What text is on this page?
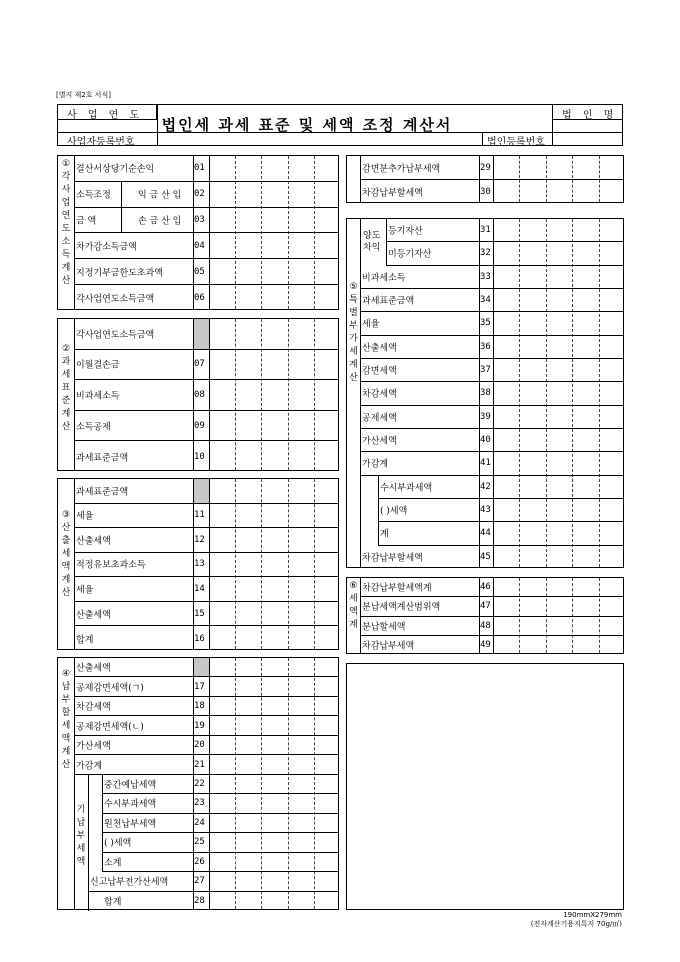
[별지 제2호 서식]
사 업 연 도
법인세 과세 표준 및 세액 조정 계산서
법 인 명
사업자등록번호	법인등록번호
190mmX279mm
(전자계산기용지특지 70g/㎡)
①각사업연도소득계산
결산서상당기순손익	01
소득조정	익 금 산 입 02
금 액	손 금 산 입 03
차가감소득금액	04
지정기부금한도초과액	05
각사업연도소득금액	06
②과세표준계산
각사업연도소득금액
이월결손금	07
비과세소득	08
소득공제	09
과세표준금액	10
③산출세액계산
과세표준금액
세율	11
산출세액	12
적정유보초과소득	13
세율	14
산출세액	15
합계	16
④납부할세액계산
산출세액
공제감면세액(ㄱ)	17
차감세액	18
공제감면세액(ㄴ)	19
가산세액	20
가감계	21
중간예납세액	22
수시부과세액	23
원천납부세액	24
( )세액	25
소계	26
신고납부전가산세액	27
합계	28
기납부세액
감면분추가납부세액	29
차감납부할세액	30
⑤특별부가세계산
등기자산	31
미등기자산	32
비과세소득	33
과세표준금액	34
세율	35
산출세액	36
감면세액	37
차감세액	38
공제세액	39
가산세액	40
가감계	41
수시부과세액	42
( )세액	43
계	44
차감납부할세액	45
양도차익
⑥세액계
차감납부할세액계	46
분납세액계산범위액	47
분납할세액	48
차감납부세액	49
